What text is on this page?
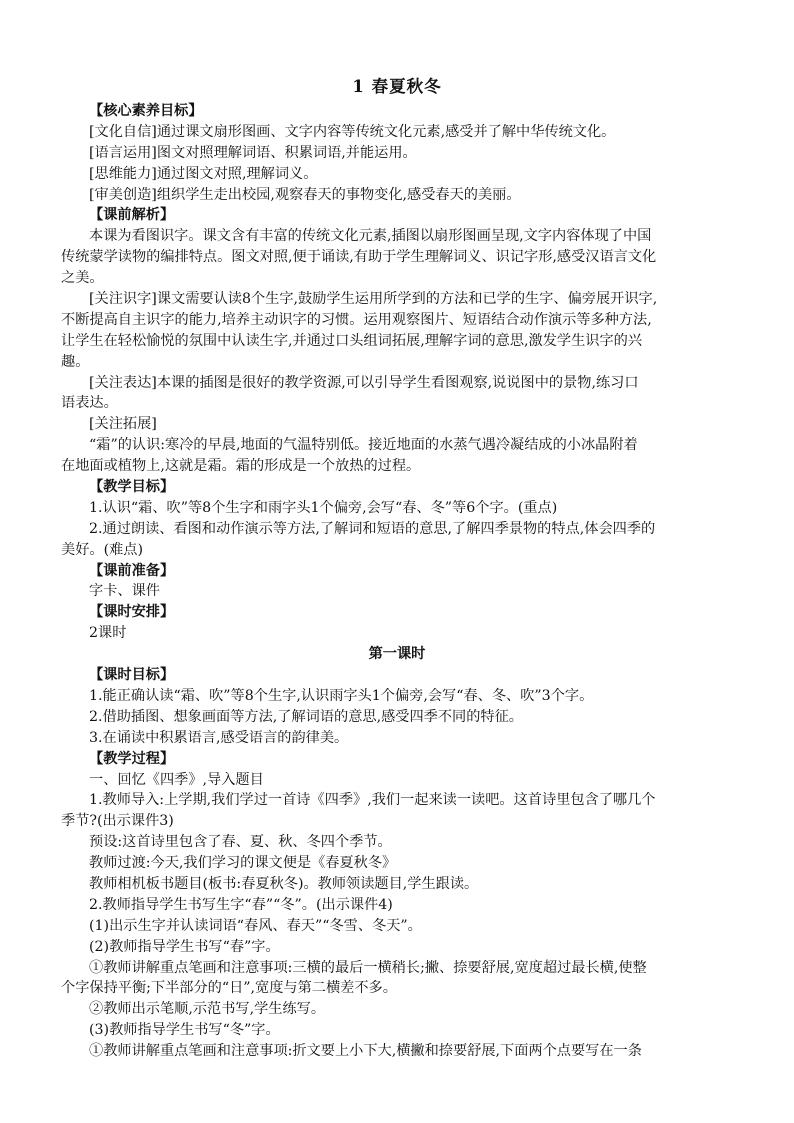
1 春夏秋冬
【核心素养目标】
[文化自信]通过课文扇形图画、文字内容等传统文化元素,感受并了解中华传统文化。
[语言运用]图文对照理解词语、积累词语,并能运用。
[思维能力]通过图文对照,理解词义。
[审美创造]组织学生走出校园,观察春天的事物变化,感受春天的美丽。
【课前解析】
本课为看图识字。课文含有丰富的传统文化元素,插图以扇形图画呈现,文字内容体现了中国
传统蒙学读物的编排特点。图文对照,便于诵读,有助于学生理解词义、识记字形,感受汉语言文化
之美。
[关注识字]课文需要认读8个生字,鼓励学生运用所学到的方法和已学的生字、偏旁展开识字,
不断提高自主识字的能力,培养主动识字的习惯。运用观察图片、短语结合动作演示等多种方法,
让学生在轻松愉悦的氛围中认读生字,并通过口头组词拓展,理解字词的意思,激发学生识字的兴
趣。
[关注表达]本课的插图是很好的教学资源,可以引导学生看图观察,说说图中的景物,练习口
语表达。
[关注拓展]
“霜”的认识:寒冷的早晨,地面的气温特别低。接近地面的水蒸气遇冷凝结成的小冰晶附着
在地面或植物上,这就是霜。霜的形成是一个放热的过程。
【教学目标】
1.认识“霜、吹”等8个生字和雨字头1个偏旁,会写“春、冬”等6个字。(重点)
2.通过朗读、看图和动作演示等方法,了解词和短语的意思,了解四季景物的特点,体会四季的
美好。(难点)
【课前准备】
字卡、课件
【课时安排】
2课时
第一课时
【课时目标】
1.能正确认读“霜、吹”等8个生字,认识雨字头1个偏旁,会写“春、冬、吹”3个字。
2.借助插图、想象画面等方法,了解词语的意思,感受四季不同的特征。
3.在诵读中积累语言,感受语言的韵律美。
【教学过程】
一、回忆《四季》,导入题目
1.教师导入:上学期,我们学过一首诗《四季》,我们一起来读一读吧。这首诗里包含了哪几个
季节?(出示课件3)
预设:这首诗里包含了春、夏、秋、冬四个季节。
教师过渡:今天,我们学习的课文便是《春夏秋冬》
教师相机板书题目(板书:春夏秋冬)。教师领读题目,学生跟读。
2.教师指导学生书写生字“春”“冬”。(出示课件4)
(1)出示生字并认读词语“春风、春天”“冬雪、冬天”。
(2)教师指导学生书写“春”字。
①教师讲解重点笔画和注意事项:三横的最后一横稍长;撇、捺要舒展,宽度超过最长横,使整
个字保持平衡;下半部分的“日”,宽度与第二横差不多。
②教师出示笔顺,示范书写,学生练写。
(3)教师指导学生书写“冬”字。
①教师讲解重点笔画和注意事项:折文要上小下大,横撇和捺要舒展,下面两个点要写在一条
